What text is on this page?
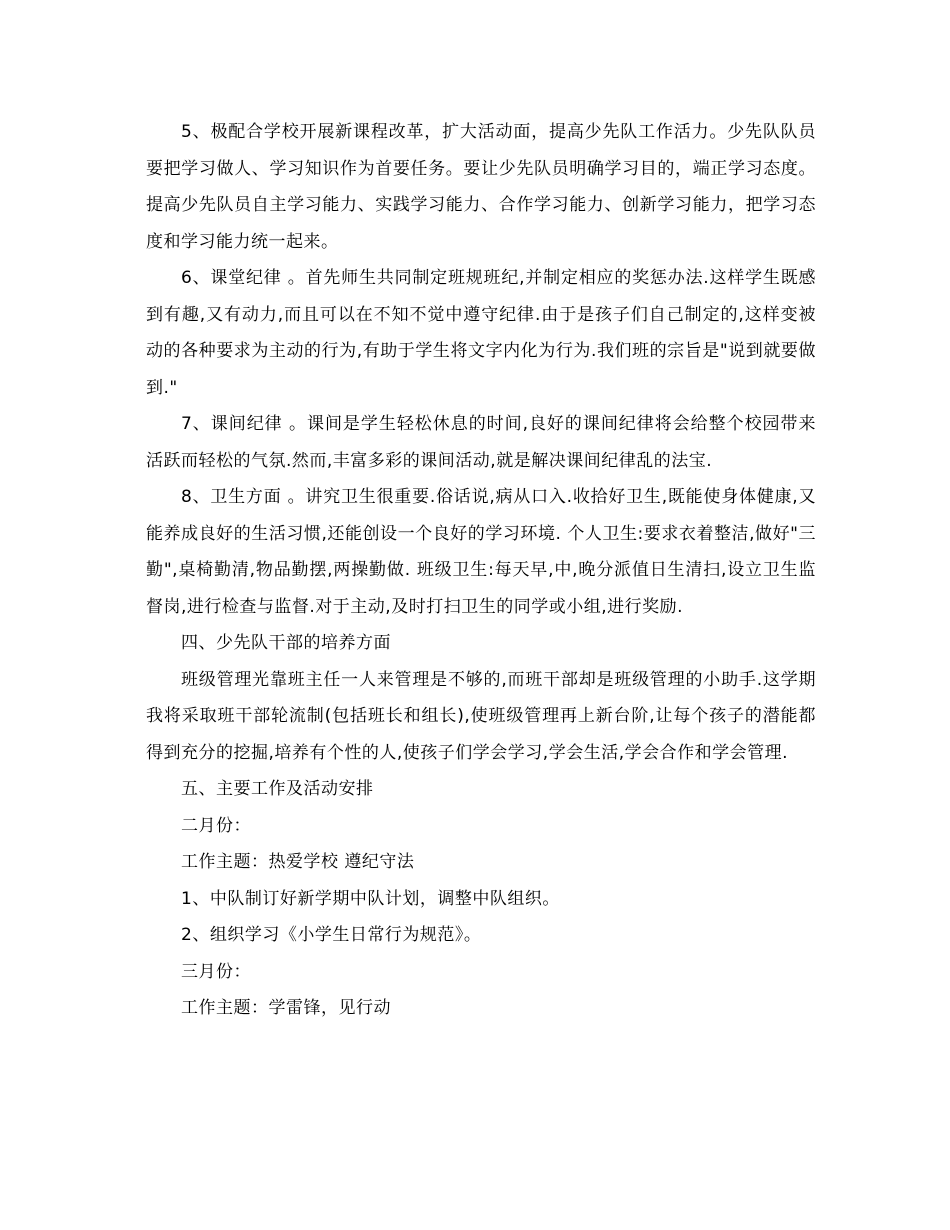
5、极配合学校开展新课程改革，扩大活动面，提高少先队工作活力。少先队队员要把学习做人、学习知识作为首要任务。要让少先队员明确学习目的，端正学习态度。提高少先队员自主学习能力、实践学习能力、合作学习能力、创新学习能力，把学习态度和学习能力统一起来。

6、课堂纪律 。首先师生共同制定班规班纪,并制定相应的奖惩办法.这样学生既感到有趣,又有动力,而且可以在不知不觉中遵守纪律.由于是孩子们自己制定的,这样变被动的各种要求为主动的行为,有助于学生将文字内化为行为.我们班的宗旨是"说到就要做到."

7、课间纪律 。课间是学生轻松休息的时间,良好的课间纪律将会给整个校园带来活跃而轻松的气氛.然而,丰富多彩的课间活动,就是解决课间纪律乱的法宝.

8、卫生方面 。讲究卫生很重要.俗话说,病从口入.收拾好卫生,既能使身体健康,又能养成良好的生活习惯,还能创设一个良好的学习环境. 个人卫生:要求衣着整洁,做好"三勤",桌椅勤清,物品勤摆,两操勤做. 班级卫生:每天早,中,晚分派值日生清扫,设立卫生监督岗,进行检查与监督.对于主动,及时打扫卫生的同学或小组,进行奖励.

四、少先队干部的培养方面

班级管理光靠班主任一人来管理是不够的,而班干部却是班级管理的小助手.这学期我将采取班干部轮流制(包括班长和组长),使班级管理再上新台阶,让每个孩子的潜能都得到充分的挖掘,培养有个性的人,使孩子们学会学习,学会生活,学会合作和学会管理.

五、主要工作及活动安排

二月份：

工作主题：热爱学校 遵纪守法

1、中队制订好新学期中队计划，调整中队组织。

2、组织学习《小学生日常行为规范》。

三月份：

工作主题：学雷锋，见行动
